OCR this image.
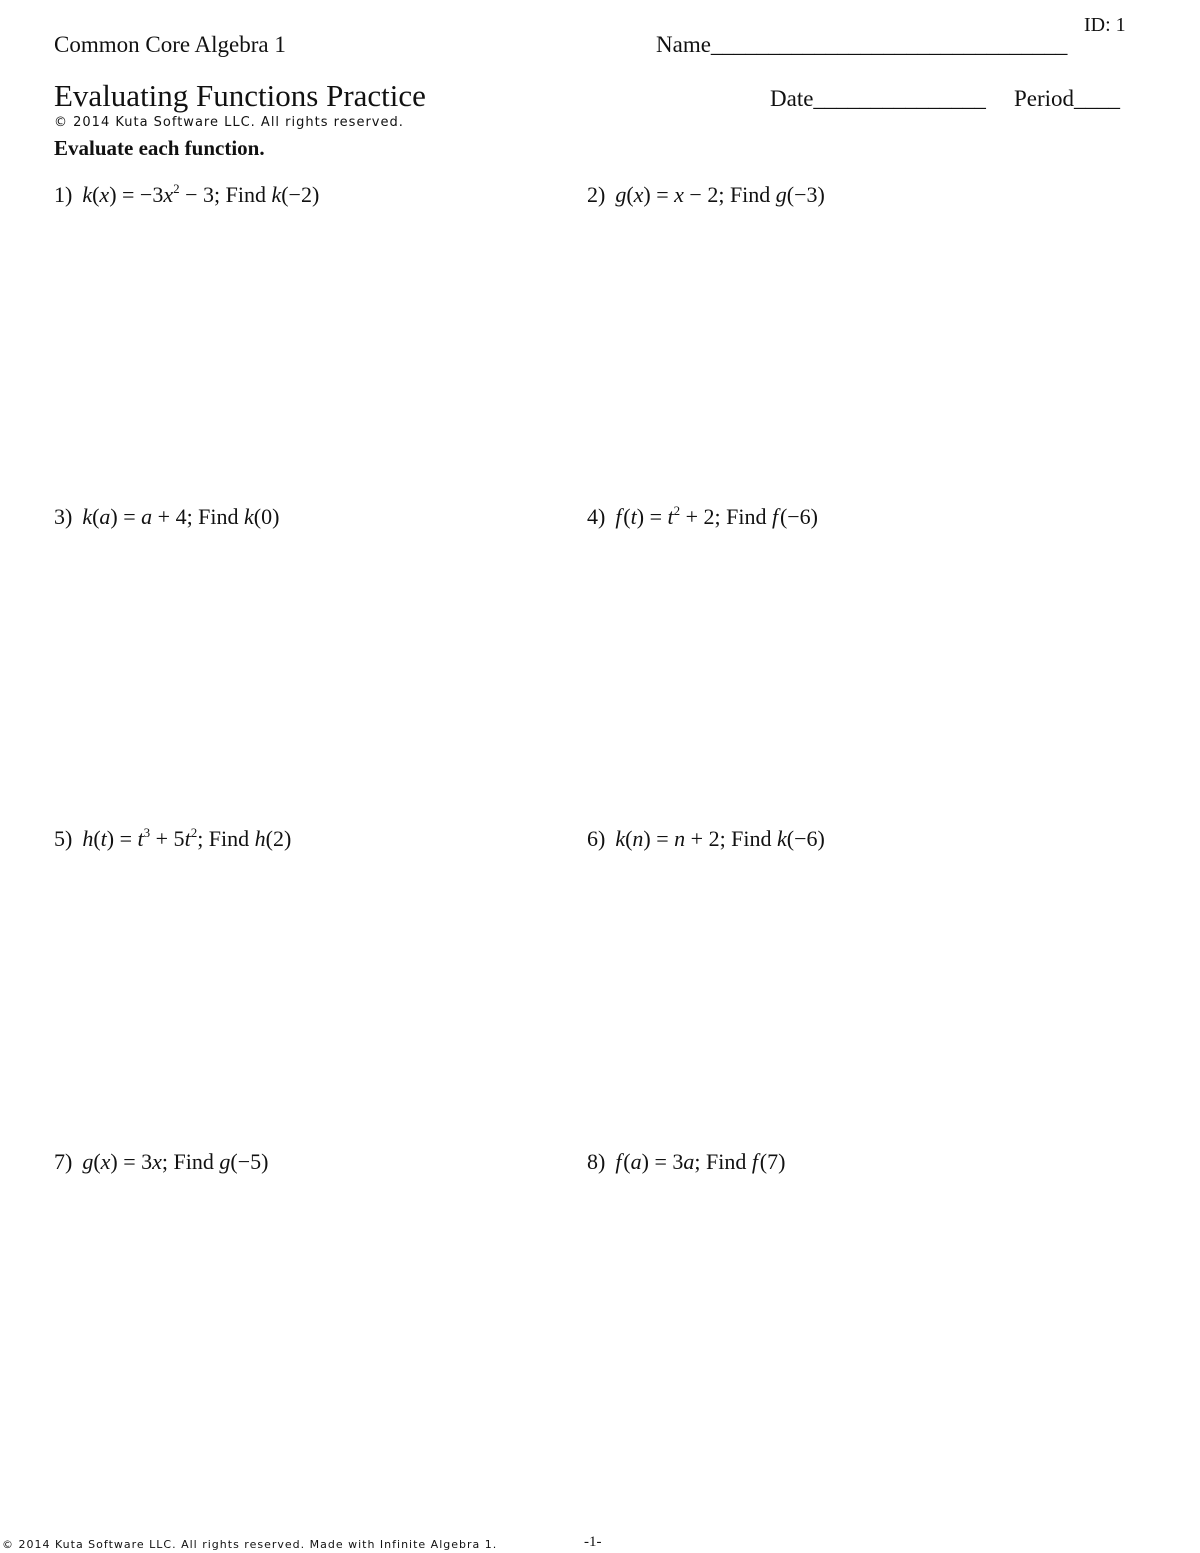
ID: 1
Common Core Algebra 1	Name_______________________________
Evaluating Functions Practice
© 2014 Kuta Software LLC. All rights reserved.
Date_______________ Period____
Evaluate each function.
1) $k(x) = -3x^2 - 3$; Find k(−2)	2) g(x) = x − 2; Find g(−3)
3) k(a) = a + 4; Find k(0)	4) f $(t) = t^2 + 2$; Find f (−6)
5) $h(t) = t^3 + 5t^2$; Find h(2)	6) k(n) = n + 2; Find k(−6)
7) g(x) = 3x; Find g(−5)	8) f (a) = 3a; Find f (7)
© 2014 Kuta Software LLC. All rights reserved. Made with Infinite Algebra 1.	-1-
